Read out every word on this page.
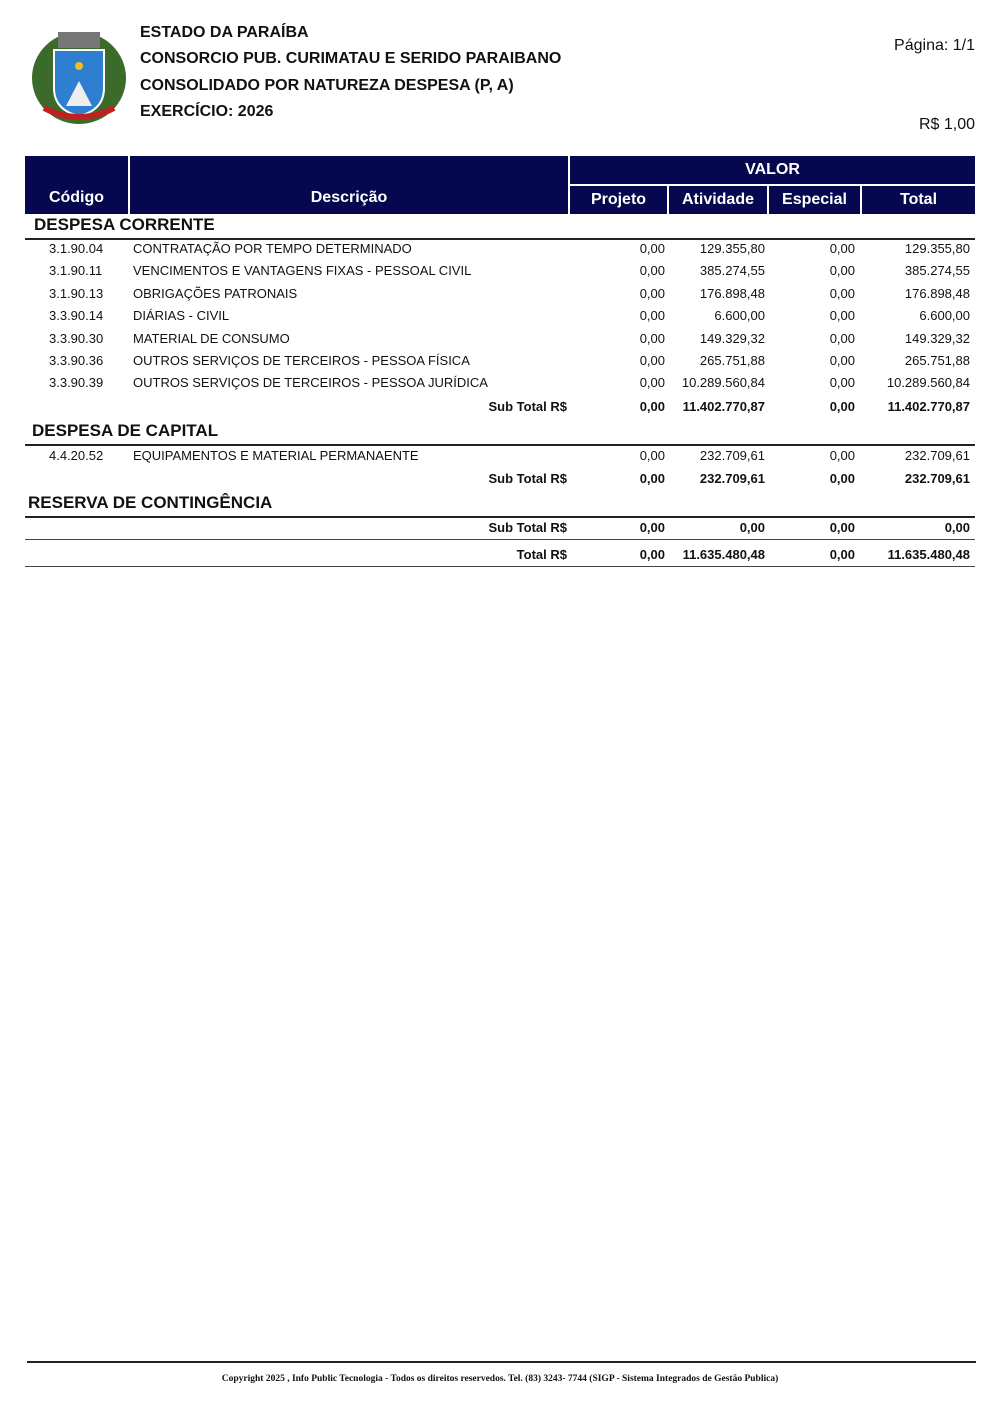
ESTADO DA PARAÍBA
CONSORCIO PUB. CURIMATAU E SERIDO PARAIBANO
CONSOLIDADO POR NATUREZA DESPESA (P, A)
EXERCÍCIO: 2026
Página: 1/1
R$ 1,00
Código	Descrição
VALOR
Projeto	Atividade	Especial	Total
DESPESA CORRENTE
3.1.90.04 CONTRATAÇÃO POR TEMPO DETERMINADO	0,00	129.355,80	0,00	129.355,80
3.1.90.11 VENCIMENTOS E VANTAGENS FIXAS - PESSOAL CIVIL	0,00	385.274,55	0,00	385.274,55
3.1.90.13 OBRIGAÇÕES PATRONAIS	0,00	176.898,48	0,00	176.898,48
3.3.90.14 DIÁRIAS - CIVIL	0,00	6.600,00	0,00	6.600,00
3.3.90.30 MATERIAL DE CONSUMO	0,00	149.329,32	0,00	149.329,32
3.3.90.36 OUTROS SERVIÇOS DE TERCEIROS - PESSOA FÍSICA	0,00	265.751,88	0,00	265.751,88
3.3.90.39 OUTROS SERVIÇOS DE TERCEIROS - PESSOA JURÍDICA	0,00 10.289.560,84	0,00 10.289.560,84
Sub Total R$	0,00 11.402.770,87	0,00	11.402.770,87
DESPESA DE CAPITAL
4.4.20.52 EQUIPAMENTOS E MATERIAL PERMANAENTE	0,00	232.709,61	0,00	232.709,61
Sub Total R$	0,00	232.709,61	0,00	232.709,61
RESERVA DE CONTINGÊNCIA
Sub Total R$	0,00	0,00	0,00	0,00
Total R$	0,00 11.635.480,48	0,00	11.635.480,48
Copyright 2025 , Info Public Tecnologia - Todos os direitos reservedos. Tel. (83) 3243- 7744 (SIGP - Sistema Integrados de Gestão Publica)
